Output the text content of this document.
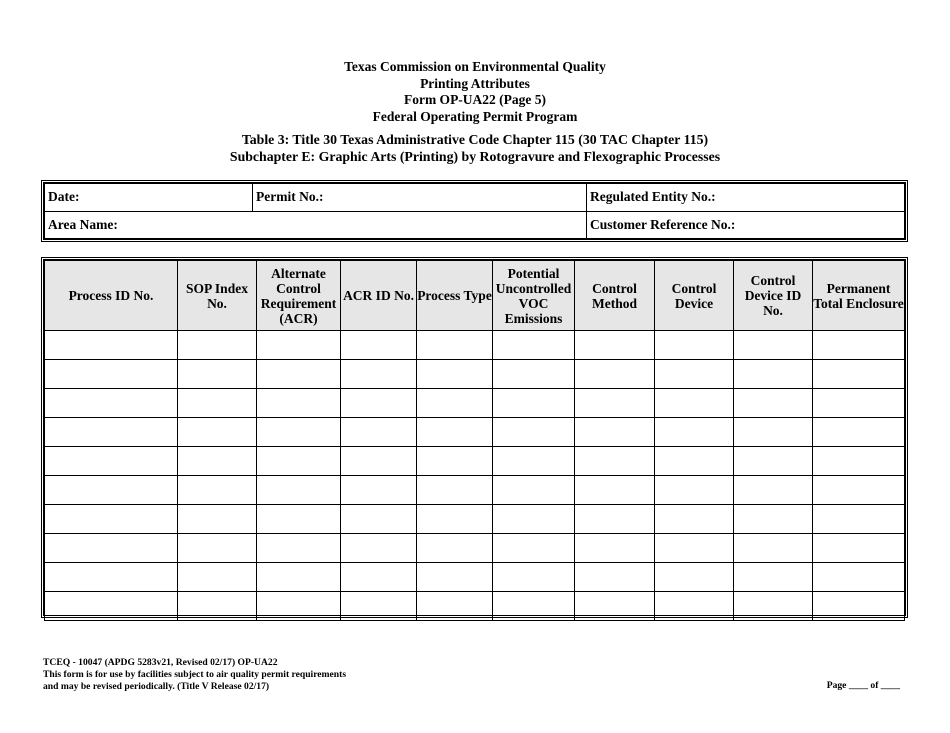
Texas Commission on Environmental Quality
Printing Attributes
Form OP-UA22 (Page 5)
Federal Operating Permit Program
Table 3: Title 30 Texas Administrative Code Chapter 115 (30 TAC Chapter 115)
Subchapter E: Graphic Arts (Printing) by Rotogravure and Flexographic Processes
Date:	Permit No.:	Regulated Entity No.:
Area Name:		Customer Reference No.:
Process ID No.	SOP Index No.	Alternate Control Requirement (ACR)	ACR ID No.	Process Type	Potential Uncontrolled VOC Emissions	Control Method	Control Device	Control Device ID No.	Permanent Total Enclosure

TCEQ - 10047 (APDG 5283v21, Revised 02/17) OP-UA22
This form is for use by facilities subject to air quality permit requirements
and may be revised periodically. (Title V Release 02/17)	Page ____ of ____
